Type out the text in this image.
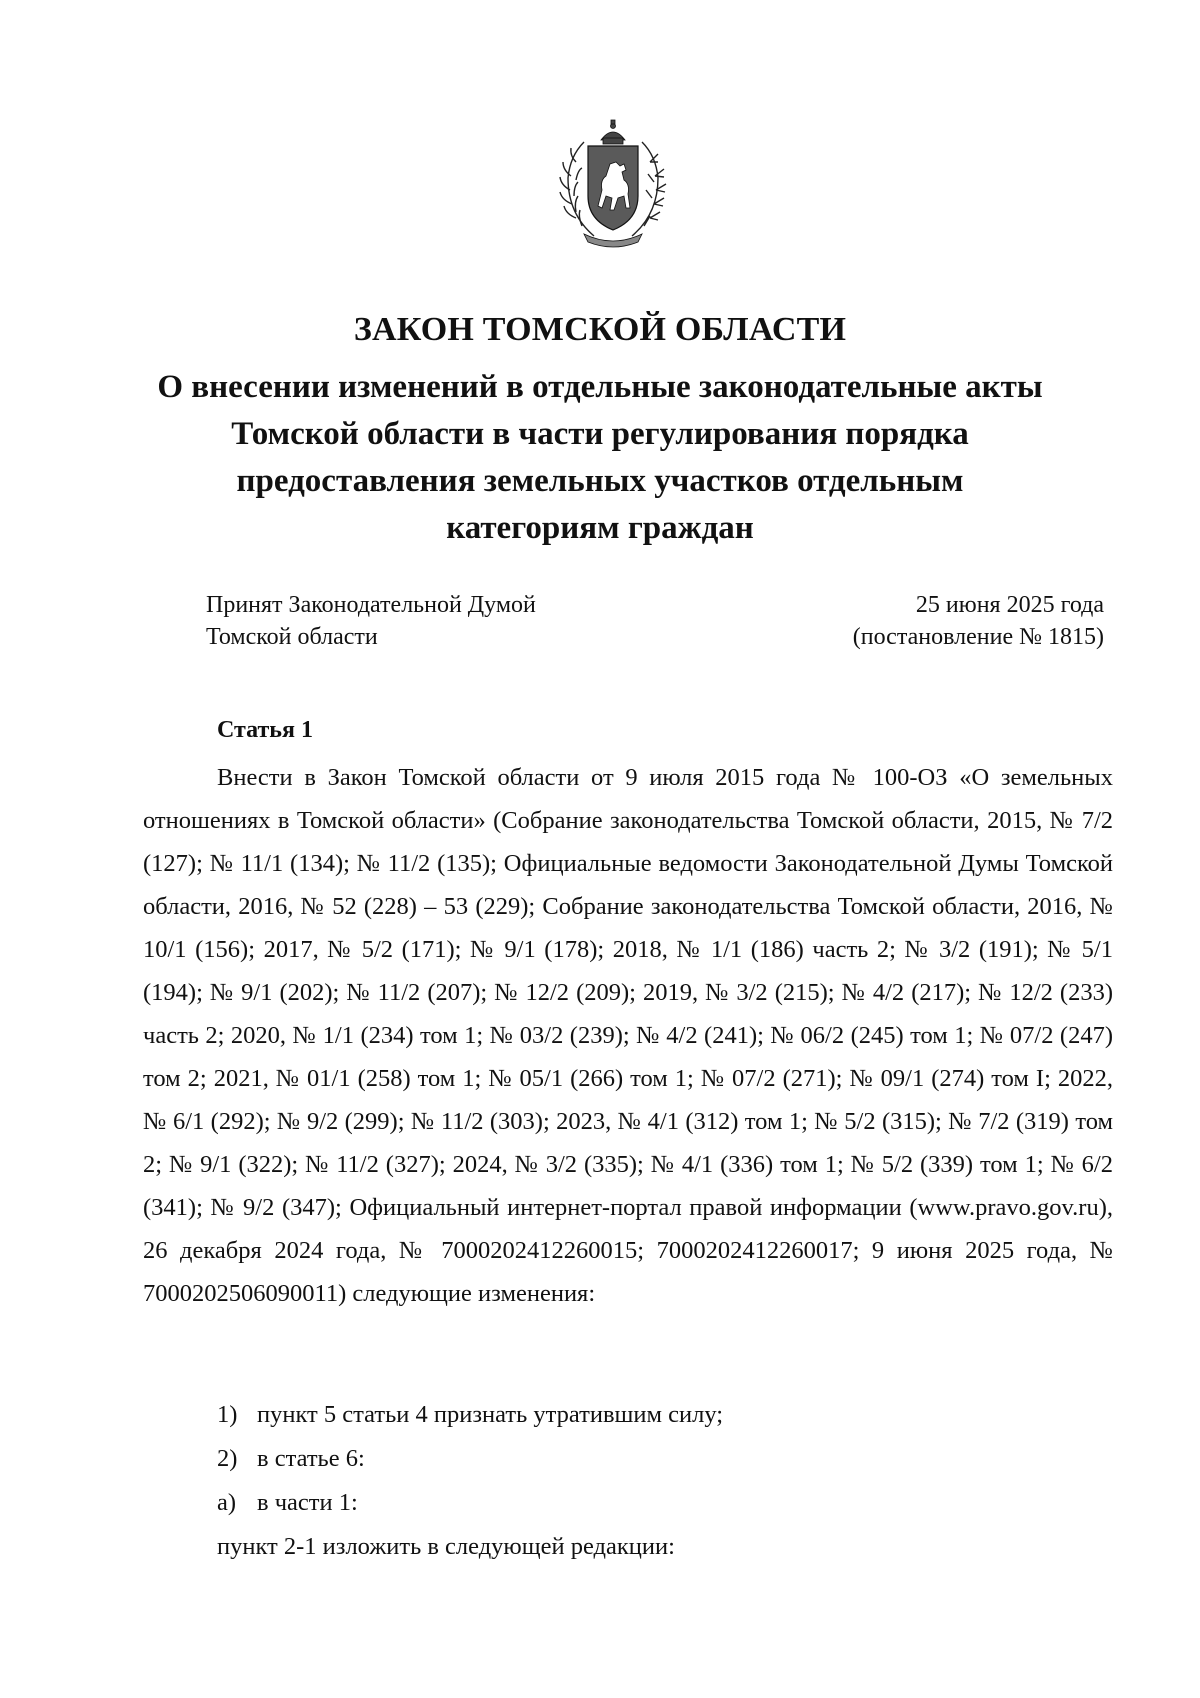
ЗАКОН ТОМСКОЙ ОБЛАСТИ
О внесении изменений в отдельные законодательные акты Томской области в части регулирования порядка предоставления земельных участков отдельным категориям граждан
Принят Законодательной Думой
Томской области
25 июня 2025 года
(постановление № 1815)
Статья 1

Внести в Закон Томской области от 9 июля 2015 года № 100-ОЗ «О земельных отношениях в Томской области» (Собрание законодательства Томской области, 2015, № 7/2 (127); № 11/1 (134); № 11/2 (135); Официальные ведомости Законодательной Думы Томской области, 2016, № 52 (228) – 53 (229); Собрание законодательства Томской области, 2016, № 10/1 (156); 2017, № 5/2 (171); № 9/1 (178); 2018, № 1/1 (186) часть 2; № 3/2 (191); № 5/1 (194); № 9/1 (202); № 11/2 (207); № 12/2 (209); 2019, № 3/2 (215); № 4/2 (217); № 12/2 (233) часть 2; 2020, № 1/1 (234) том 1; № 03/2 (239); № 4/2 (241); № 06/2 (245) том 1; № 07/2 (247) том 2; 2021, № 01/1 (258) том 1; № 05/1 (266) том 1; № 07/2 (271); № 09/1 (274) том I; 2022, № 6/1 (292); № 9/2 (299); № 11/2 (303); 2023, № 4/1 (312) том 1; № 5/2 (315); № 7/2 (319) том 2; № 9/1 (322); № 11/2 (327); 2024, № 3/2 (335); № 4/1 (336) том 1; № 5/2 (339) том 1; № 6/2 (341); № 9/2 (347); Официальный интернет-портал правой информации (www.pravo.gov.ru), 26 декабря 2024 года, № 7000202412260015; 7000202412260017; 9 июня 2025 года, № 7000202506090011) следующие изменения:

1) пункт 5 статьи 4 признать утратившим силу;
2) в статье 6:
а) в части 1:
пункт 2-1 изложить в следующей редакции:
